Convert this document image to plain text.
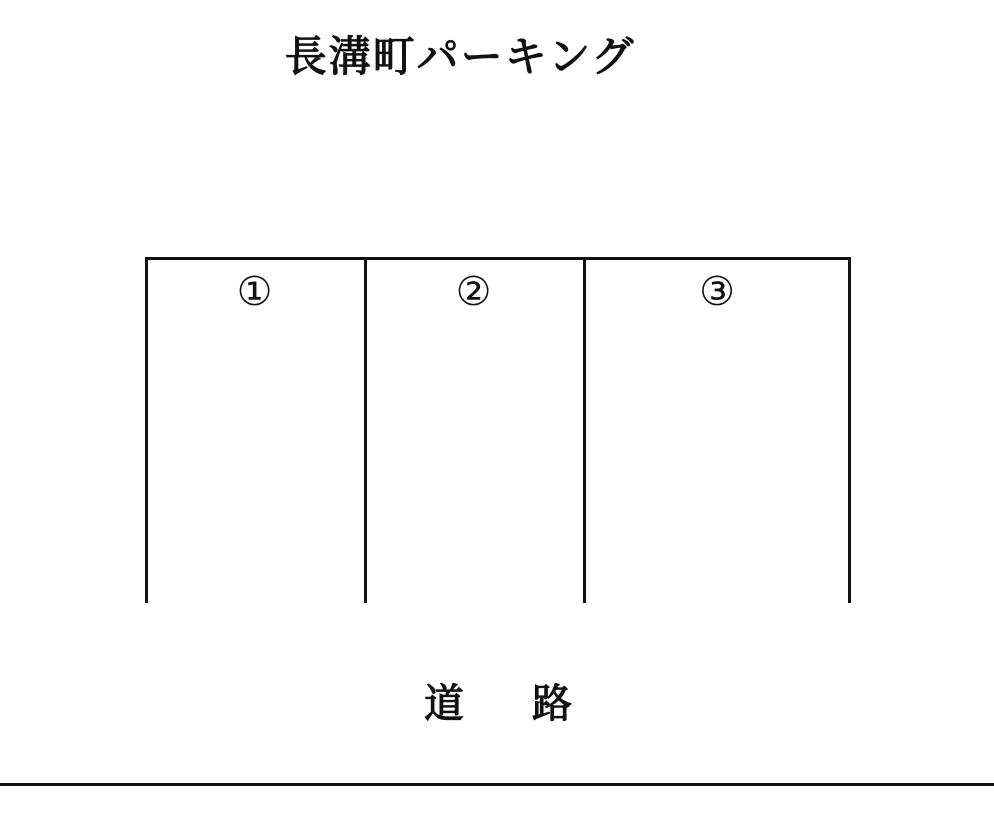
長溝町パーキング
①	②	③
道　路
